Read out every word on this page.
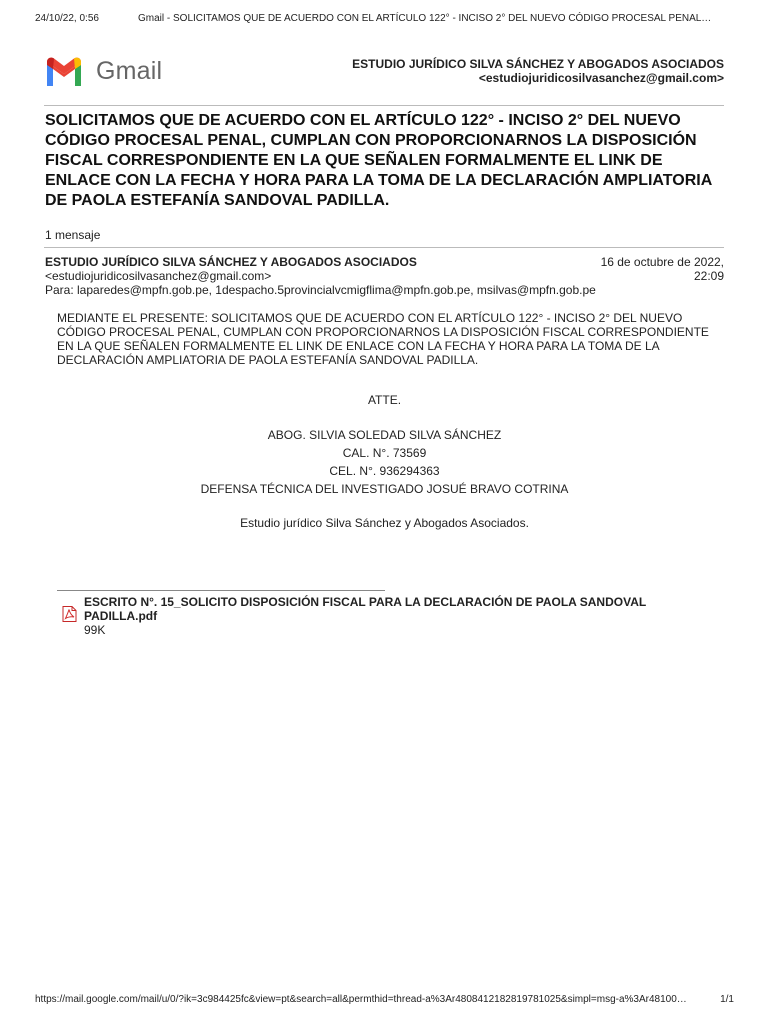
24/10/22, 0:56	Gmail - SOLICITAMOS QUE DE ACUERDO CON EL ARTÍCULO 122° - INCISO 2° DEL NUEVO CÓDIGO PROCESAL PENAL…
Gmail	ESTUDIO JURÍDICO SILVA SÁNCHEZ Y ABOGADOS ASOCIADOS
<estudiojuridicosilvasanchez@gmail.com>
SOLICITAMOS QUE DE ACUERDO CON EL ARTÍCULO 122° - INCISO 2° DEL NUEVO CÓDIGO PROCESAL PENAL, CUMPLAN CON PROPORCIONARNOS LA DISPOSICIÓN FISCAL CORRESPONDIENTE EN LA QUE SEÑALEN FORMALMENTE EL LINK DE ENLACE CON LA FECHA Y HORA PARA LA TOMA DE LA DECLARACIÓN AMPLIATORIA DE PAOLA ESTEFANÍA SANDOVAL PADILLA.
1 mensaje
ESTUDIO JURÍDICO SILVA SÁNCHEZ Y ABOGADOS ASOCIADOS
<estudiojuridicosilvasanchez@gmail.com>
Para: laparedes@mpfn.gob.pe, 1despacho.5provincialvcmigflima@mpfn.gob.pe, msilvas@mpfn.gob.pe
16 de octubre de 2022,
22:09
MEDIANTE EL PRESENTE: SOLICITAMOS QUE DE ACUERDO CON EL ARTÍCULO 122° - INCISO 2° DEL NUEVO CÓDIGO PROCESAL PENAL, CUMPLAN CON PROPORCIONARNOS LA DISPOSICIÓN FISCAL CORRESPONDIENTE EN LA QUE SEÑALEN FORMALMENTE EL LINK DE ENLACE CON LA FECHA Y HORA PARA LA TOMA DE LA DECLARACIÓN AMPLIATORIA DE PAOLA ESTEFANÍA SANDOVAL PADILLA.
ATTE.
ABOG. SILVIA SOLEDAD SILVA SÁNCHEZ
CAL. N°. 73569
CEL. N°. 936294363
DEFENSA TÉCNICA DEL INVESTIGADO JOSUÉ BRAVO COTRINA
Estudio jurídico Silva Sánchez y Abogados Asociados.
ESCRITO N°. 15_SOLICITO DISPOSICIÓN FISCAL PARA LA DECLARACIÓN DE PAOLA SANDOVAL PADILLA.pdf
99K
https://mail.google.com/mail/u/0/?ik=3c984425fc&view=pt&search=all&permthid=thread-a%3Ar4808412182819781025&simpl=msg-a%3Ar48100…	1/1
